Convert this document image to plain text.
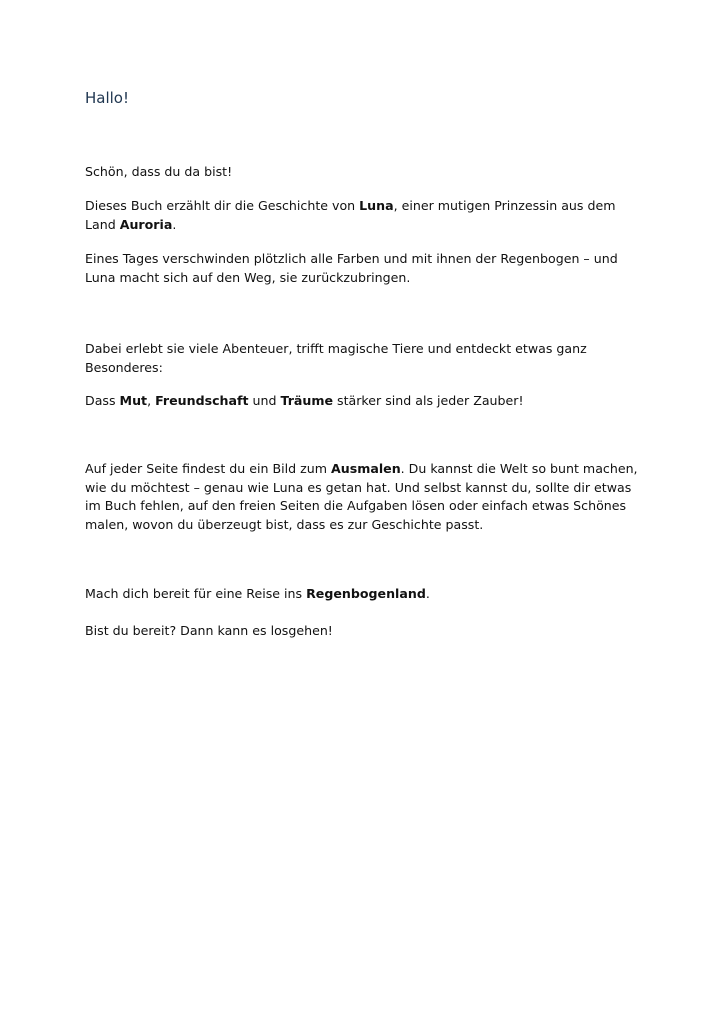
Hallo!

Schön, dass du da bist!

Dieses Buch erzählt dir die Geschichte von Luna, einer mutigen Prinzessin aus dem
Land Auroria.

Eines Tages verschwinden plötzlich alle Farben und mit ihnen der Regenbogen – und
Luna macht sich auf den Weg, sie zurückzubringen.

Dabei erlebt sie viele Abenteuer, trifft magische Tiere und entdeckt etwas ganz
Besonderes:

Dass Mut, Freundschaft und Träume stärker sind als jeder Zauber!

Auf jeder Seite findest du ein Bild zum Ausmalen. Du kannst die Welt so bunt machen,
wie du möchtest – genau wie Luna es getan hat. Und selbst kannst du, sollte dir etwas
im Buch fehlen, auf den freien Seiten die Aufgaben lösen oder einfach etwas Schönes
malen, wovon du überzeugt bist, dass es zur Geschichte passt.

Mach dich bereit für eine Reise ins Regenbogenland.

Bist du bereit? Dann kann es losgehen!
